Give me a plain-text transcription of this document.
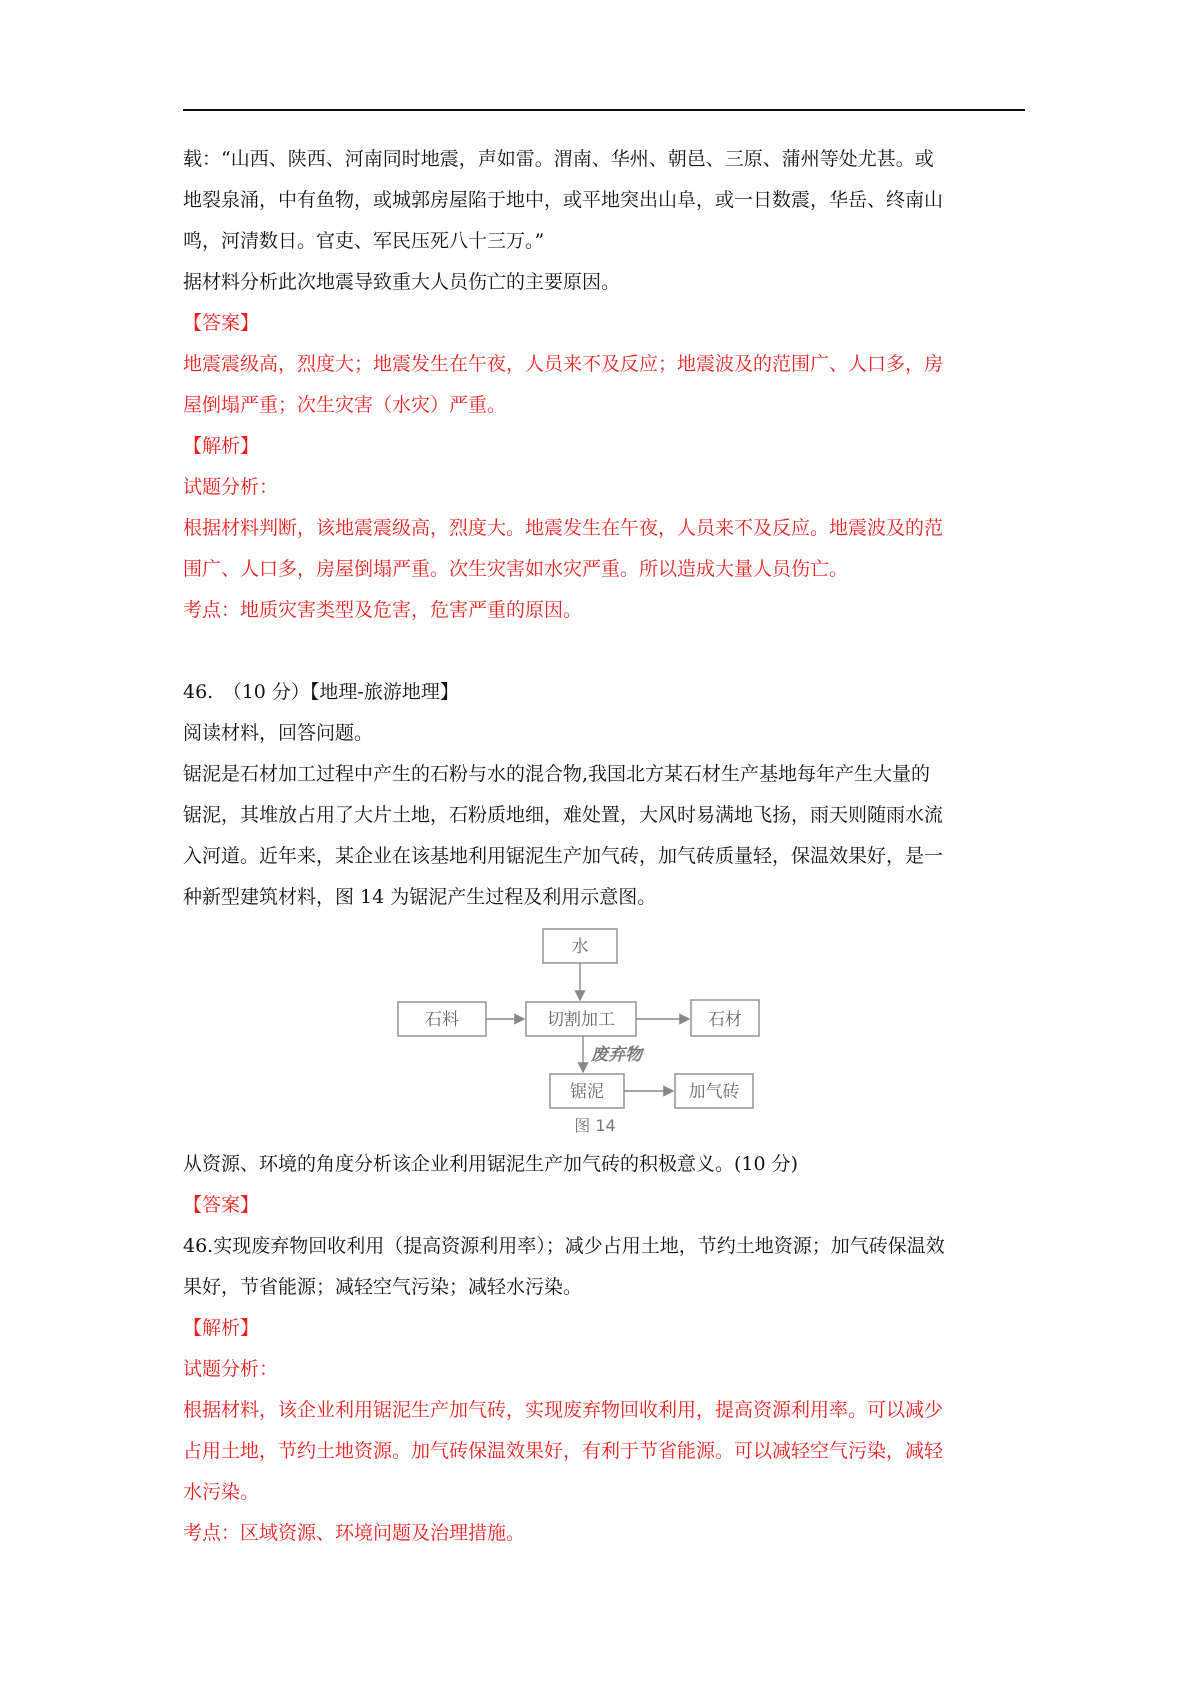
载：“山西、陕西、河南同时地震，声如雷。渭南、华州、朝邑、三原、蒲州等处尤甚。或

地裂泉涌，中有鱼物，或城郭房屋陷于地中，或平地突出山阜，或一日数震，华岳、终南山

鸣，河清数日。官吏、军民压死八十三万。”

据材料分析此次地震导致重大人员伤亡的主要原因。

【答案】

地震震级高，烈度大；地震发生在午夜，人员来不及反应；地震波及的范围广、人口多，房

屋倒塌严重；次生灾害（水灾）严重。

【解析】

试题分析：

根据材料判断，该地震震级高，烈度大。地震发生在午夜，人员来不及反应。地震波及的范

围广、人口多，房屋倒塌严重。次生灾害如水灾严重。所以造成大量人员伤亡。

考点：地质灾害类型及危害，危害严重的原因。

46.　（10 分）【地理-旅游地理】

阅读材料，回答问题。

锯泥是石材加工过程中产生的石粉与水的混合物,我国北方某石材生产基地每年产生大量的

锯泥，其堆放占用了大片土地，石粉质地细，难处置，大风时易满地飞扬，雨天则随雨水流

入河道。近年来，某企业在该基地利用锯泥生产加气砖，加气砖质量轻，保温效果好，是一

种新型建筑材料，图 14 为锯泥产生过程及利用示意图。

水
石料	切割加工	石材
废弃物
锯泥	加气砖
图 14

从资源、环境的角度分析该企业利用锯泥生产加气砖的积极意义。(10 分)

【答案】

46.实现废弃物回收利用（提高资源利用率）；减少占用土地，节约土地资源；加气砖保温效

果好，节省能源；减轻空气污染；减轻水污染。

【解析】

试题分析：

根据材料，该企业利用锯泥生产加气砖，实现废弃物回收利用，提高资源利用率。可以减少

占用土地，节约土地资源。加气砖保温效果好，有利于节省能源。可以减轻空气污染，减轻

水污染。

考点：区域资源、环境问题及治理措施。
